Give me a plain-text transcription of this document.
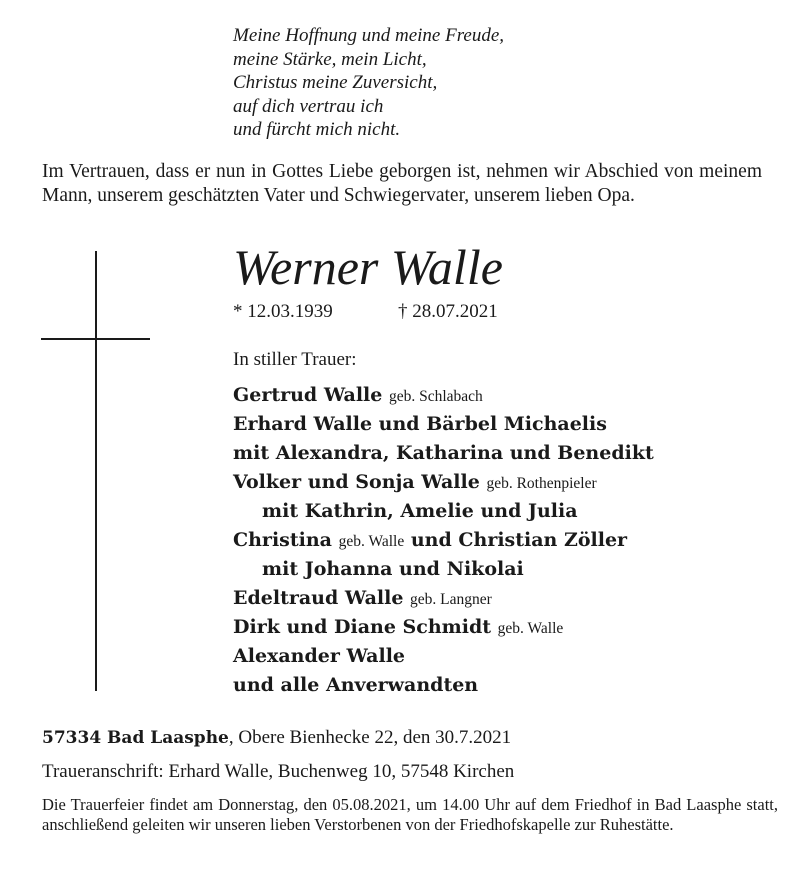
Meine Hoffnung und meine Freude,
meine Stärke, mein Licht,
Christus meine Zuversicht,
auf dich vertrau ich
und fürcht mich nicht.
Im Vertrauen, dass er nun in Gottes Liebe geborgen ist, nehmen wir Abschied von meinem Mann, unserem geschätzten Vater und Schwiegervater, unserem lieben Opa.
Werner Walle
* 12.03.1939	† 28.07.2021
In stiller Trauer:
Gertrud Walle geb. Schlabach
Erhard Walle und Bärbel Michaelis
mit Alexandra, Katharina und Benedikt
Volker und Sonja Walle geb. Rothenpieler
mit Kathrin, Amelie und Julia
Christina geb. Walle und Christian Zöller
mit Johanna und Nikolai
Edeltraud Walle geb. Langner
Dirk und Diane Schmidt geb. Walle
Alexander Walle
und alle Anverwandten
57334 Bad Laasphe, Obere Bienhecke 22, den 30.7.2021
Traueranschrift: Erhard Walle, Buchenweg 10, 57548 Kirchen
Die Trauerfeier findet am Donnerstag, den 05.08.2021, um 14.00 Uhr auf dem Friedhof in Bad Laasphe statt, anschließend geleiten wir unseren lieben Verstorbenen von der Friedhofskapelle zur Ruhestätte.
